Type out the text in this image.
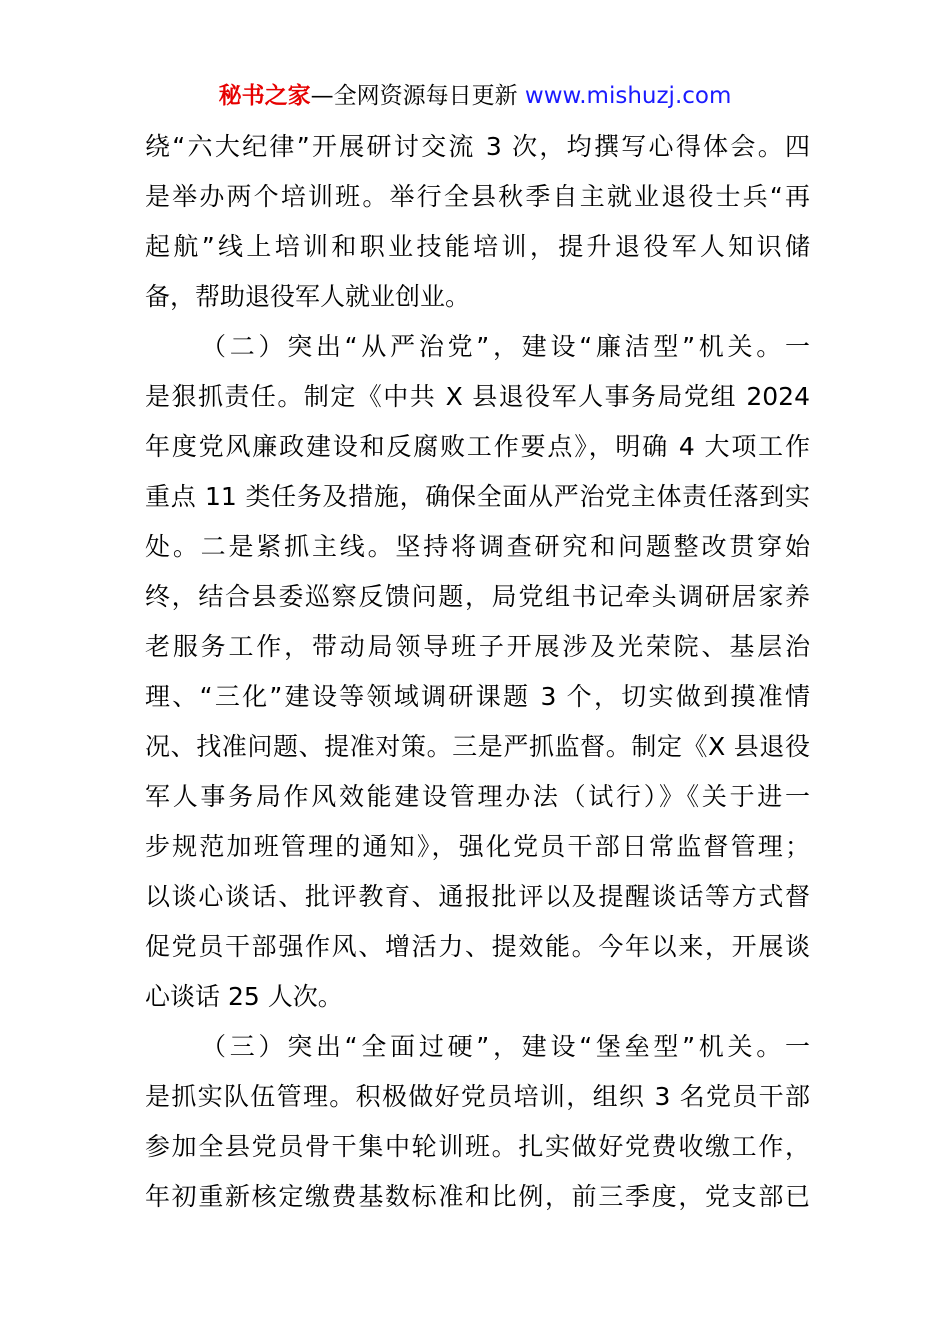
秘书之家—全网资源每日更新 www.mishuzj.com
绕“六大纪律”开展研讨交流 3 次，均撰写心得体会。四
是举办两个培训班。举行全县秋季自主就业退役士兵“再
起航”线上培训和职业技能培训，提升退役军人知识储
备，帮助退役军人就业创业。
（二）突出“从严治党”，建设“廉洁型”机关。一
是狠抓责任。制定《中共 X 县退役军人事务局党组 2024
年度党风廉政建设和反腐败工作要点》，明确 4 大项工作
重点 11 类任务及措施，确保全面从严治党主体责任落到实
处。二是紧抓主线。坚持将调查研究和问题整改贯穿始
终，结合县委巡察反馈问题，局党组书记牵头调研居家养
老服务工作，带动局领导班子开展涉及光荣院、基层治
理、“三化”建设等领域调研课题 3 个，切实做到摸准情
况、找准问题、提准对策。三是严抓监督。制定《X 县退役
军人事务局作风效能建设管理办法（试行）》《关于进一
步规范加班管理的通知》，强化党员干部日常监督管理；
以谈心谈话、批评教育、通报批评以及提醒谈话等方式督
促党员干部强作风、增活力、提效能。今年以来，开展谈
心谈话 25 人次。
（三）突出“全面过硬”，建设“堡垒型”机关。一
是抓实队伍管理。积极做好党员培训，组织 3 名党员干部
参加全县党员骨干集中轮训班。扎实做好党费收缴工作，
年初重新核定缴费基数标准和比例，前三季度，党支部已
